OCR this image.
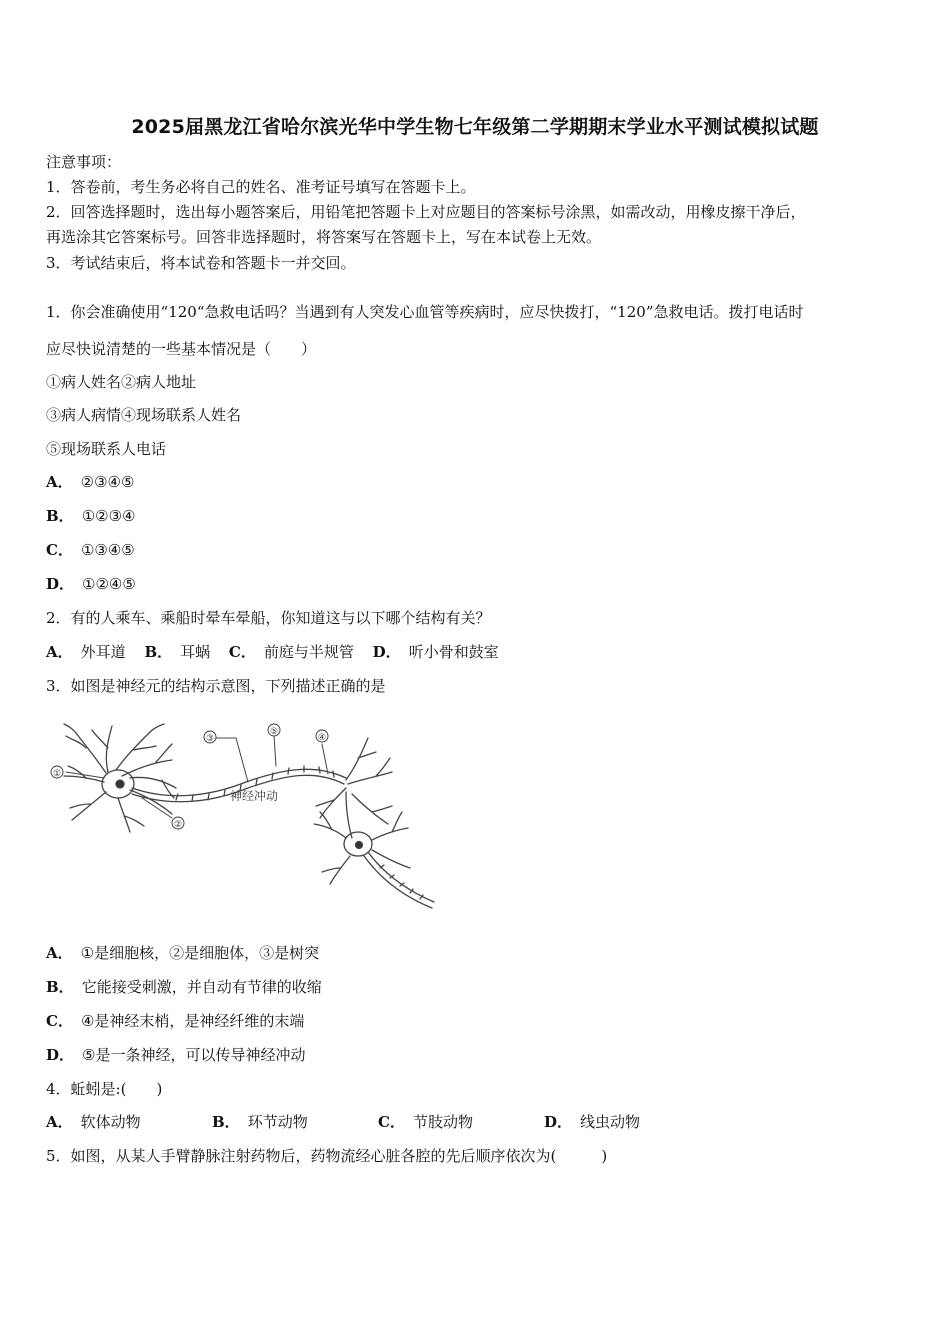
2025届黑龙江省哈尔滨光华中学生物七年级第二学期期末学业水平测试模拟试题
注意事项：
1．答卷前，考生务必将自己的姓名、准考证号填写在答题卡上。
2．回答选择题时，选出每小题答案后，用铅笔把答题卡上对应题目的答案标号涂黑，如需改动，用橡皮擦干净后，
再选涂其它答案标号。回答非选择题时，将答案写在答题卡上，写在本试卷上无效。
3．考试结束后，将本试卷和答题卡一并交回。
1．你会准确使用“120“急救电话吗？当遇到有人突发心血管等疾病时，应尽快拨打，“120”急救电话。拨打电话时
应尽快说清楚的一些基本情况是（　　）
①病人姓名②病人地址
③病人病情④现场联系人姓名
⑤现场联系人电话
A． ②③④⑤
B． ①②③④
C． ①③④⑤
D． ①②④⑤
2．有的人乘车、乘船时晕车晕船，你知道这与以下哪个结构有关？
A． 外耳道 B． 耳蜗 C． 前庭与半规管 D． 听小骨和鼓室
3．如图是神经元的结构示意图，下列描述正确的是
①
②
③	④
⑤
神经冲动
A． ①是细胞核，②是细胞体，③是树突
B． 它能接受刺激，并自动有节律的收缩
C． ④是神经末梢，是神经纤维的末端
D． ⑤是一条神经，可以传导神经冲动
4．蚯蚓是:(　　)
A． 软体动物	B． 环节动物	C． 节肢动物	D． 线虫动物
5．如图，从某人手臂静脉注射药物后，药物流经心脏各腔的先后顺序依次为(　　　)
